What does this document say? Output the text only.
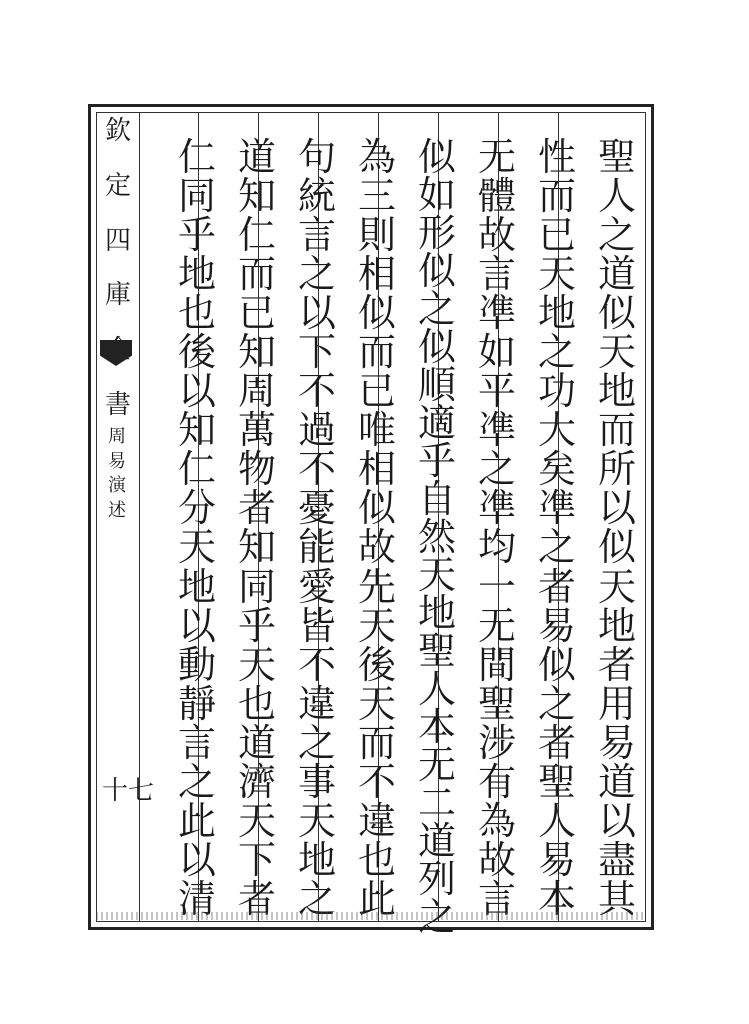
欽
定
四
庫
書
周
易
演
述
十七
聖
人
之
道
似
天
地
而
所
以
似
天
地
者
用
易
道
以
盡
其
性
而
已
天
地
之
功
大
矣
凖
之
者
易
似
之
者
聖
人
易
本
无
體
故
言
凖
如
平
凖
之
凖
均
一
无
間
聖
涉
有
為
故
言
似
如
形
似
之
似
順
適
乎
自
然
天
地
聖
人
本
无
二
道
列
之
為
三
則
相
似
而
已
唯
相
似
故
先
天
後
天
而
不
違
也
此
句
統
言
之
以
下
不
過
不
憂
能
愛
皆
不
違
之
事
天
地
之
道
知
仁
而
已
知
周
萬
物
者
知
同
乎
天
也
道
濟
天
下
者
仁
同
乎
地
也
後
以
知
仁
分
天
地
以
動
靜
言
之
此
以
清
